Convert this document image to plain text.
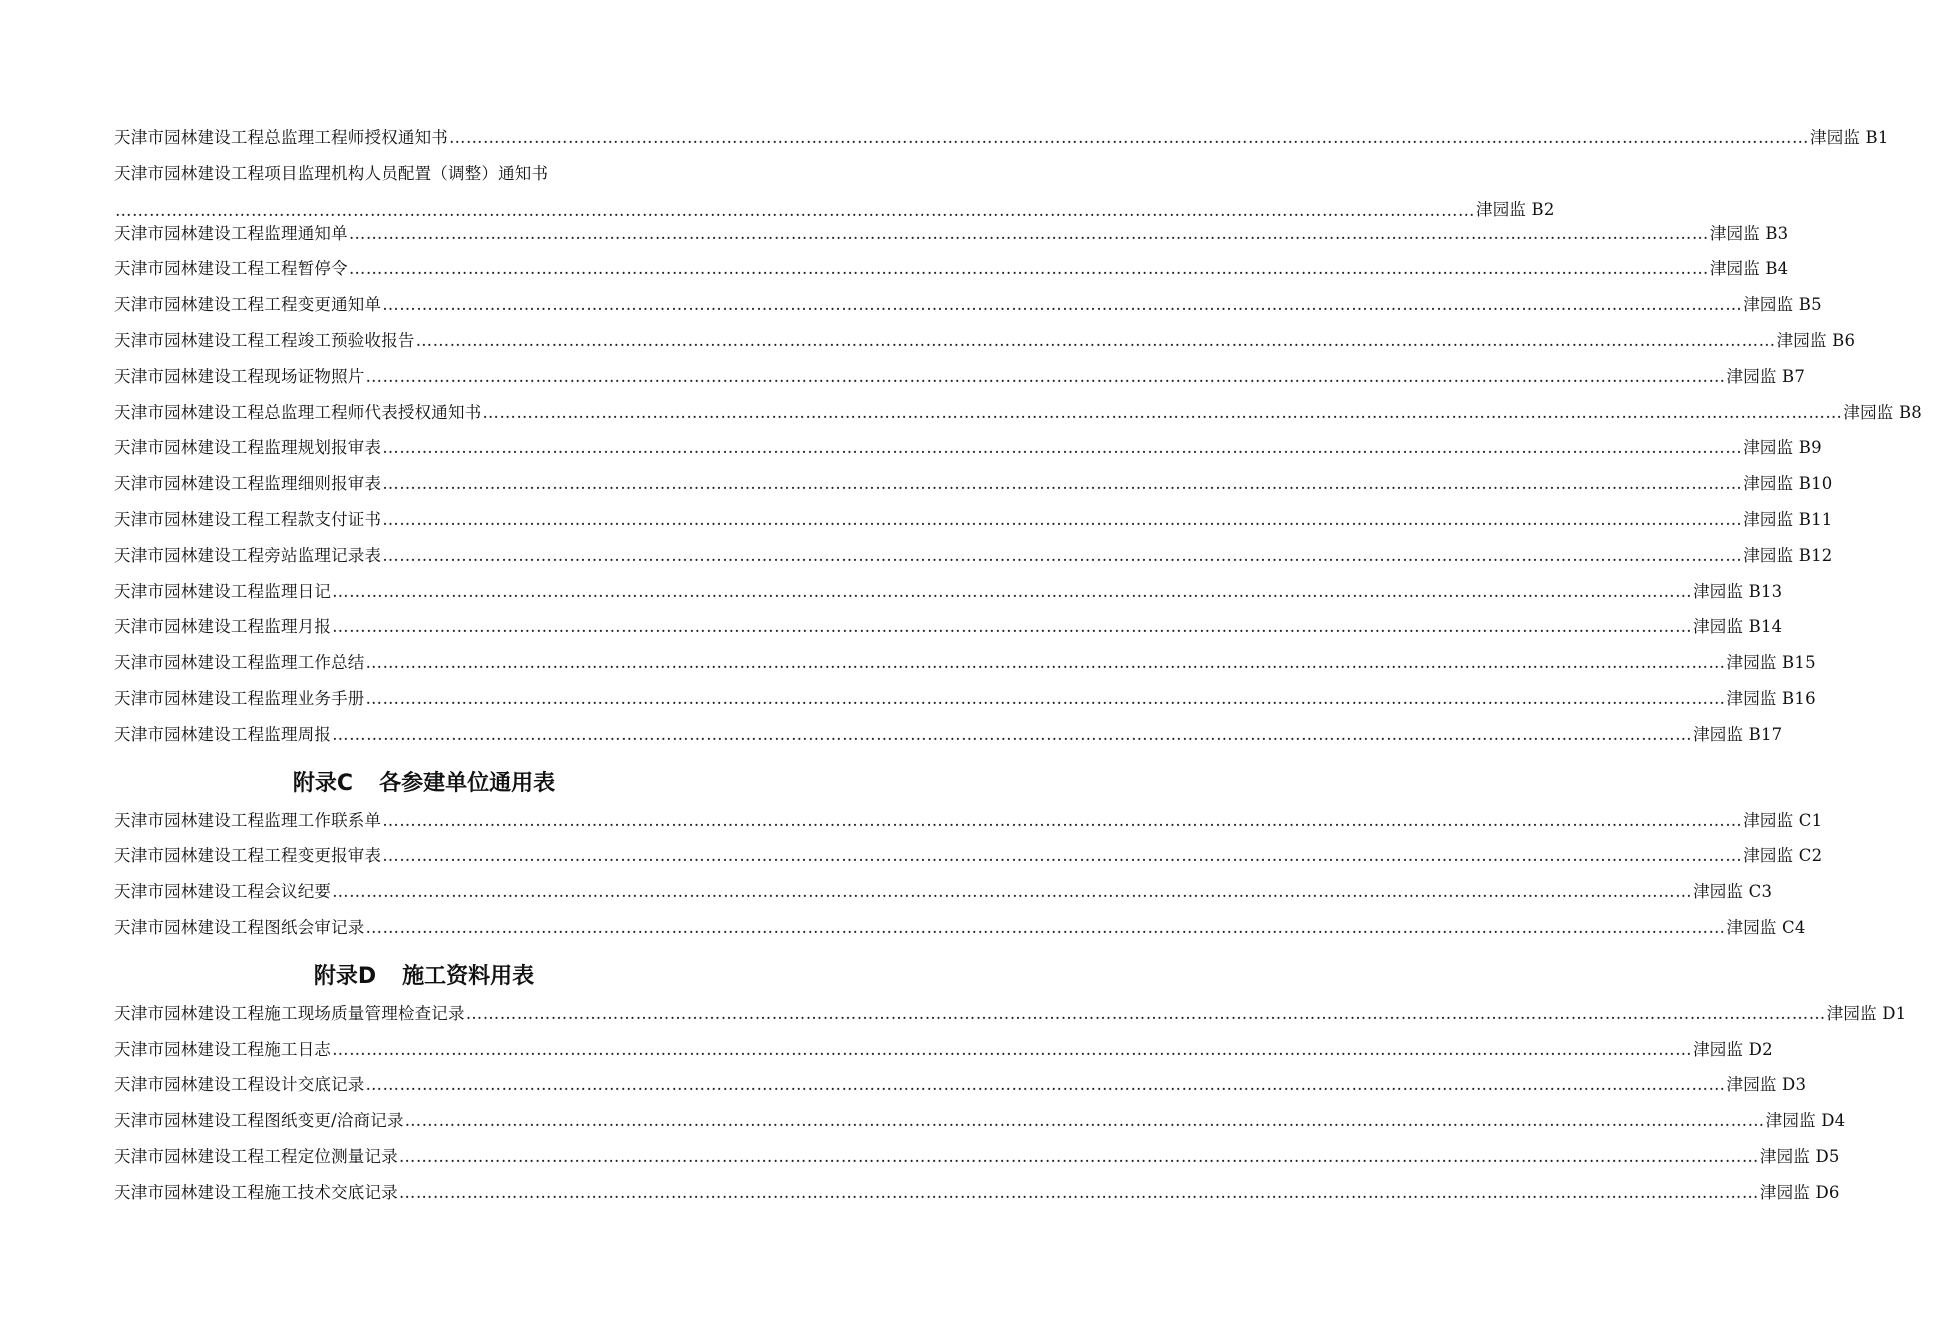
天津市园林建设工程总监理工程师授权通知书 …………………………………………………………………………………………………………………………………………………………………………………………………………………… 津园监 B1
天津市园林建设工程项目监理机构人员配置（调整）通知书
…………………………………………………………………………………………………………………………………………………………………………………………………………………… 津园监 B2
天津市园林建设工程监理通知单 …………………………………………………………………………………………………………………………………………………………………………………………………………………… 津园监 B3
天津市园林建设工程工程暂停令 …………………………………………………………………………………………………………………………………………………………………………………………………………………… 津园监 B4
天津市园林建设工程工程变更通知单 …………………………………………………………………………………………………………………………………………………………………………………………………………………… 津园监 B5
天津市园林建设工程工程竣工预验收报告 …………………………………………………………………………………………………………………………………………………………………………………………………………………… 津园监 B6
天津市园林建设工程现场证物照片 …………………………………………………………………………………………………………………………………………………………………………………………………………………… 津园监 B7
天津市园林建设工程总监理工程师代表授权通知书 …………………………………………………………………………………………………………………………………………………………………………………………………………………… 津园监 B8
天津市园林建设工程监理规划报审表 …………………………………………………………………………………………………………………………………………………………………………………………………………………… 津园监 B9
天津市园林建设工程监理细则报审表 …………………………………………………………………………………………………………………………………………………………………………………………………………………… 津园监 B10
天津市园林建设工程工程款支付证书 …………………………………………………………………………………………………………………………………………………………………………………………………………………… 津园监 B11
天津市园林建设工程旁站监理记录表 …………………………………………………………………………………………………………………………………………………………………………………………………………………… 津园监 B12
天津市园林建设工程监理日记 …………………………………………………………………………………………………………………………………………………………………………………………………………………… 津园监 B13
天津市园林建设工程监理月报 …………………………………………………………………………………………………………………………………………………………………………………………………………………… 津园监 B14
天津市园林建设工程监理工作总结 …………………………………………………………………………………………………………………………………………………………………………………………………………………… 津园监 B15
天津市园林建设工程监理业务手册 …………………………………………………………………………………………………………………………………………………………………………………………………………………… 津园监 B16
天津市园林建设工程监理周报 …………………………………………………………………………………………………………………………………………………………………………………………………………………… 津园监 B17
附录C 各参建单位通用表
天津市园林建设工程监理工作联系单 …………………………………………………………………………………………………………………………………………………………………………………………………………………… 津园监 C1
天津市园林建设工程工程变更报审表 …………………………………………………………………………………………………………………………………………………………………………………………………………………… 津园监 C2
天津市园林建设工程会议纪要 …………………………………………………………………………………………………………………………………………………………………………………………………………………… 津园监 C3
天津市园林建设工程图纸会审记录 …………………………………………………………………………………………………………………………………………………………………………………………………………………… 津园监 C4
附录D 施工资料用表
天津市园林建设工程施工现场质量管理检查记录 …………………………………………………………………………………………………………………………………………………………………………………………………………………… 津园监 D1
天津市园林建设工程施工日志 …………………………………………………………………………………………………………………………………………………………………………………………………………………… 津园监 D2
天津市园林建设工程设计交底记录 …………………………………………………………………………………………………………………………………………………………………………………………………………………… 津园监 D3
天津市园林建设工程图纸变更/洽商记录 …………………………………………………………………………………………………………………………………………………………………………………………………………………… 津园监 D4
天津市园林建设工程工程定位测量记录 …………………………………………………………………………………………………………………………………………………………………………………………………………………… 津园监 D5
天津市园林建设工程施工技术交底记录 …………………………………………………………………………………………………………………………………………………………………………………………………………………… 津园监 D6
